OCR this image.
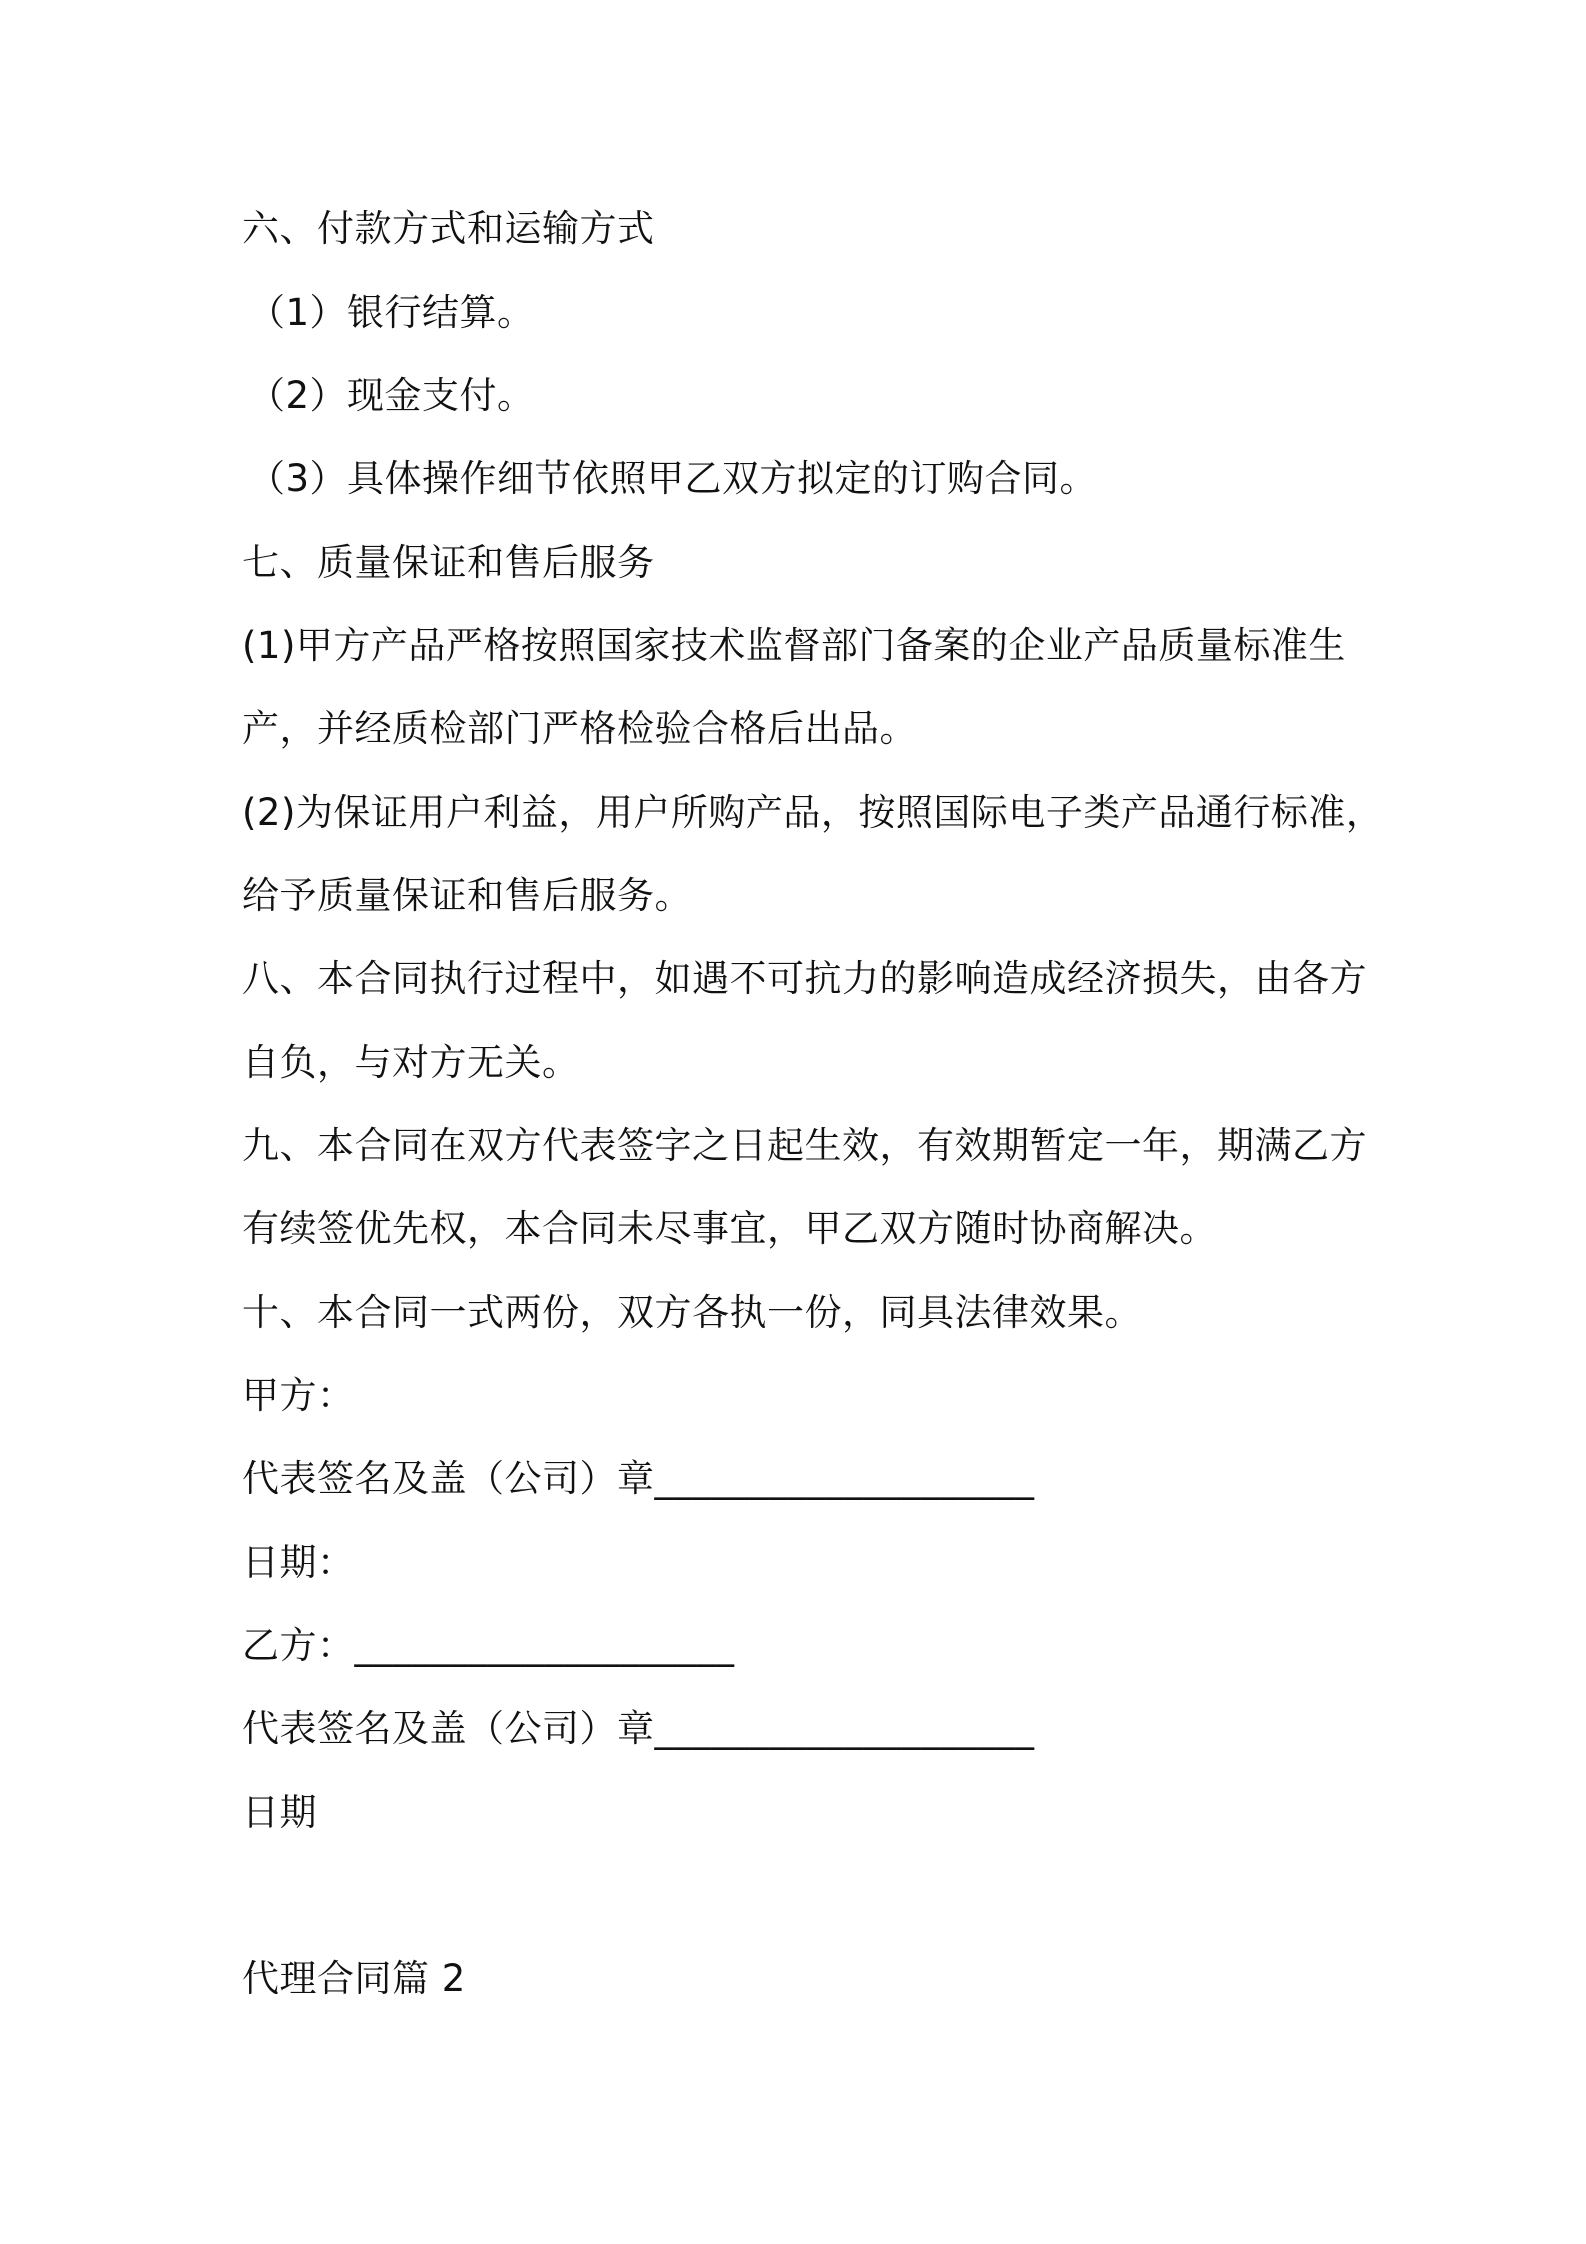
六、付款方式和运输方式
（1）银行结算。
（2）现金支付。
（3）具体操作细节依照甲乙双方拟定的订购合同。
七、质量保证和售后服务
(1)甲方产品严格按照国家技术监督部门备案的企业产品质量标准生
产，并经质检部门严格检验合格后出品。
(2)为保证用户利益，用户所购产品，按照国际电子类产品通行标准，
给予质量保证和售后服务。
八、本合同执行过程中，如遇不可抗力的影响造成经济损失，由各方
自负，与对方无关。
九、本合同在双方代表签字之日起生效，有效期暂定一年，期满乙方
有续签优先权，本合同未尽事宜，甲乙双方随时协商解决。
十、本合同一式两份，双方各执一份，同具法律效果。
甲方：
代表签名及盖（公司）章____________________
日期：
乙方：____________________
代表签名及盖（公司）章____________________
日期
代理合同篇 2
